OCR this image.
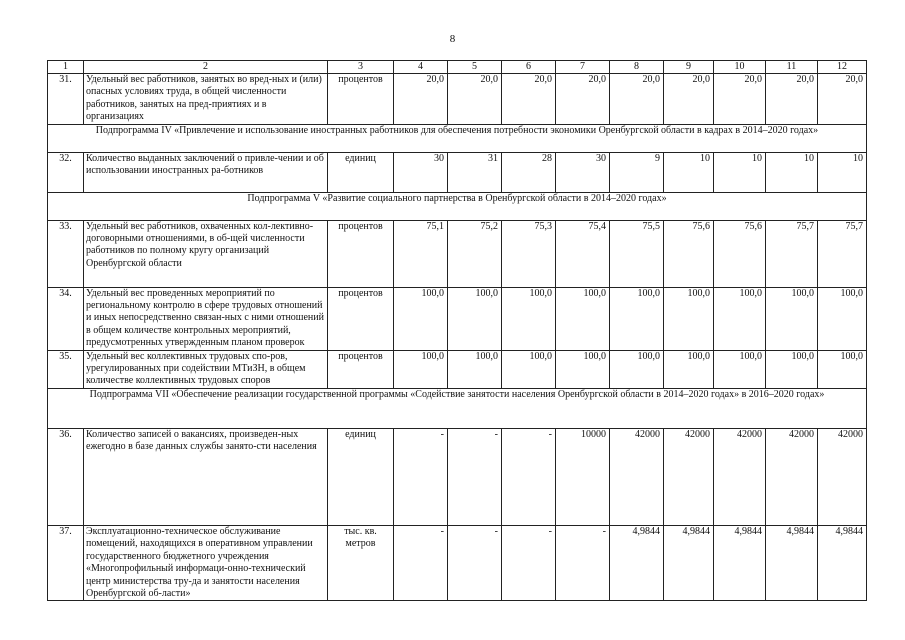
8
1	2	3	4	5	6	7	8	9	10	11	12
31.	Удельный вес работников, занятых во вред-ных и (или) опасных условиях труда, в общей численности работников, занятых на пред-приятиях и в организациях	процентов	20,0	20,0	20,0	20,0	20,0	20,0	20,0	20,0	20,0
Подпрограмма IV «Привлечение и использование иностранных работников для обеспечения потребности экономики Оренбургской области в кадрах в 2014–2020 годах»											
32.	Количество выданных заключений о привле-чении и об использовании иностранных ра-ботников	единиц	30	31	28	30	9	10	10	10	10
Подпрограмма V «Развитие социального партнерства в Оренбургской области в 2014–2020 годах»											
33.	Удельный вес работников, охваченных кол-лективно-договорными отношениями, в об-щей численности работников по полному кругу организаций Оренбургской области	процентов	75,1	75,2	75,3	75,4	75,5	75,6	75,6	75,7	75,7
34.	Удельный вес проведенных мероприятий по региональному контролю в сфере трудовых отношений и иных непосредственно связан-ных с ними отношений в общем количестве контрольных мероприятий, предусмотренных утвержденным планом проверок	процентов	100,0	100,0	100,0	100,0	100,0	100,0	100,0	100,0	100,0
35.	Удельный вес коллективных трудовых спо-ров, урегулированных при содействии МТиЗН, в общем количестве коллективных трудовых споров	процентов	100,0	100,0	100,0	100,0	100,0	100,0	100,0	100,0	100,0
Подпрограмма VII «Обеспечение реализации государственной программы «Содействие занятости населения Оренбургской области в 2014–2020 годах» в 2016–2020 годах»											
36.	Количество записей о вакансиях, произведен-ных ежегодно в базе данных службы занято-сти населения	единиц	-	-	-	10000	42000	42000	42000	42000	42000
37.	Эксплуатационно-техническое обслуживание помещений, находящихся в оперативном управлении государственного бюджетного учреждения «Многопрофильный информаци-онно-технический центр министерства тру-да и занятости населения Оренбургской об-ласти»	тыс. кв. метров	-	-	-	-	4,9844	4,9844	4,9844	4,9844	4,9844
